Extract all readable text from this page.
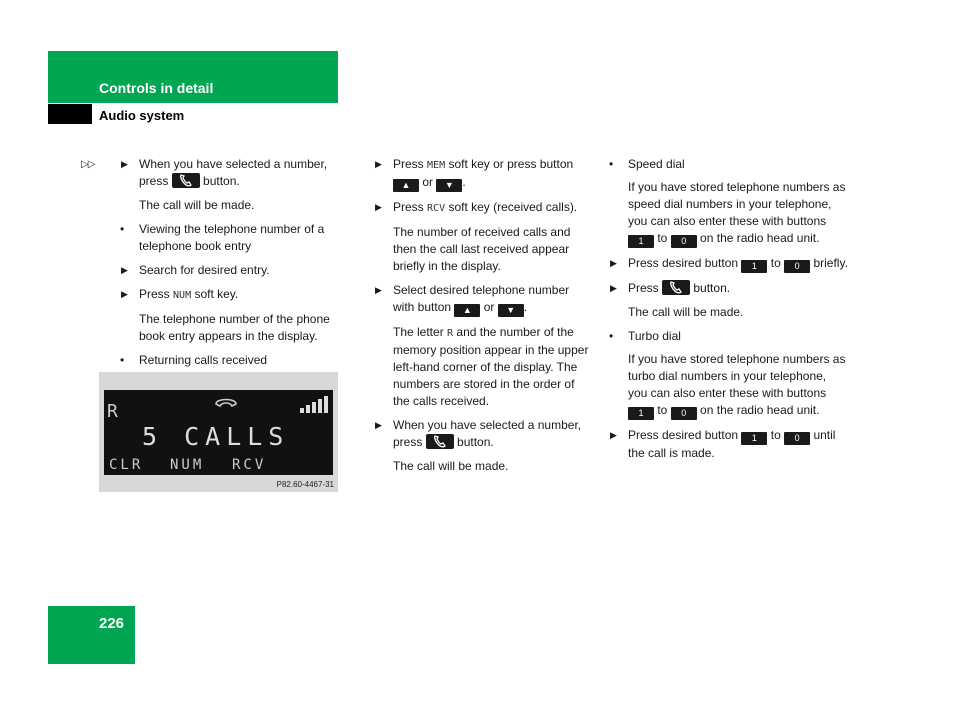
Controls in detail
Audio system
▷▷	▶ When you have selected a number, press	button.

The call will be made.

• Viewing the telephone number of a telephone book entry
▶ Search for desired entry.
▶ Press NUM soft key.

The telephone number of the phone book entry appears in the display.

• Returning calls received
R
5 CALLS
CLR NUM RCV
P82.60-4467-31
▶ Press MEM soft key or press button ▲ or ▼ .
▶ Press RCV soft key (received calls).

The number of received calls and then the call last received appear briefly in the display.

▶ Select desired telephone number with button ▲ or ▼ .

The letter R and the number of the memory position appear in the upper left-hand corner of the display. The numbers are stored in the order of the calls received.

▶ When you have selected a number, press	button.

The call will be made.

• Speed dial

If you have stored telephone numbers as speed dial numbers in your telephone, you can also enter these with buttons 1 to 0 on the radio head unit.

▶ Press desired button 1 to 0 briefly.
▶ Press	button.

The call will be made.

• Turbo dial

If you have stored telephone numbers as turbo dial numbers in your telephone, you can also enter these with buttons 1 to 0 on the radio head unit.

▶ Press desired button 1 to 0 until the call is made.
226
